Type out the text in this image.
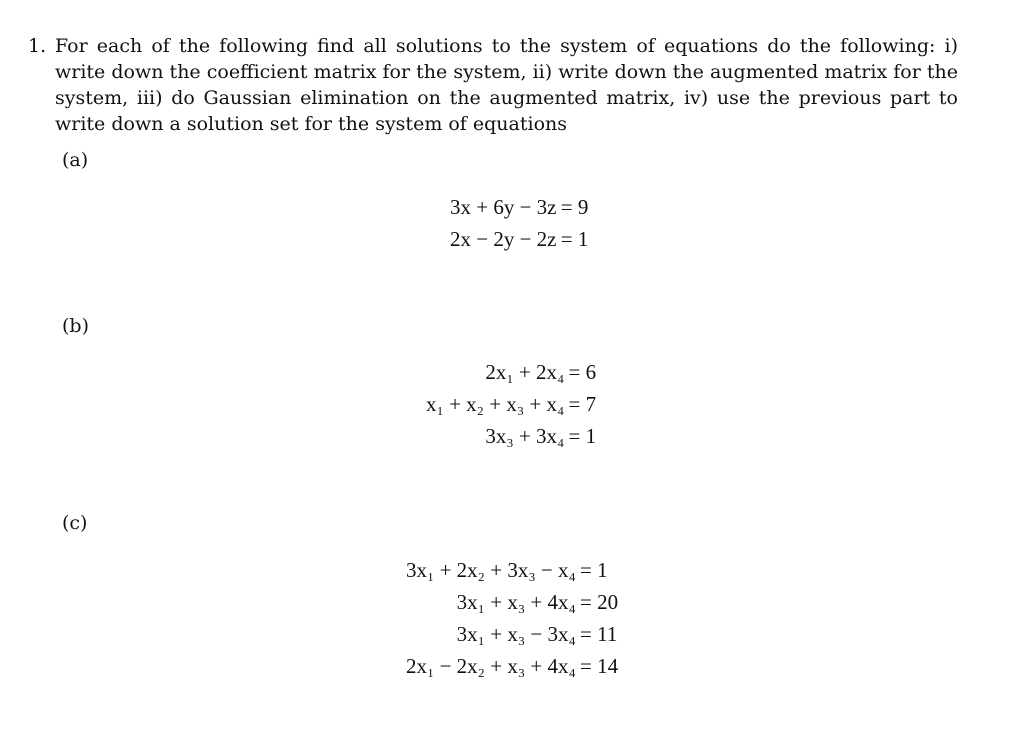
1. For each of the following find all solutions to the system of equations do the following: i) write down the coefficient matrix for the system, ii) write down the augmented matrix for the system, iii) do Gaussian elimination on the augmented matrix, iv) use the previous part to write down a solution set for the system of equations
(a)
3x + 6y − 3z  = 9
2x − 2y − 2z  = 1
(b)
2x₁ + 2x₄  = 6
x₁ + x₂ + x₃ + x₄  = 7
3x₃ + 3x₄  = 1
(c)
3x₁ + 2x₂ + 3x₃ − x₄  = 1
3x₁ + x₃ + 4x₄  = 20
3x₁ + x₃ − 3x₄  = 11
2x₁ − 2x₂ + x₃ + 4x₄  = 14
